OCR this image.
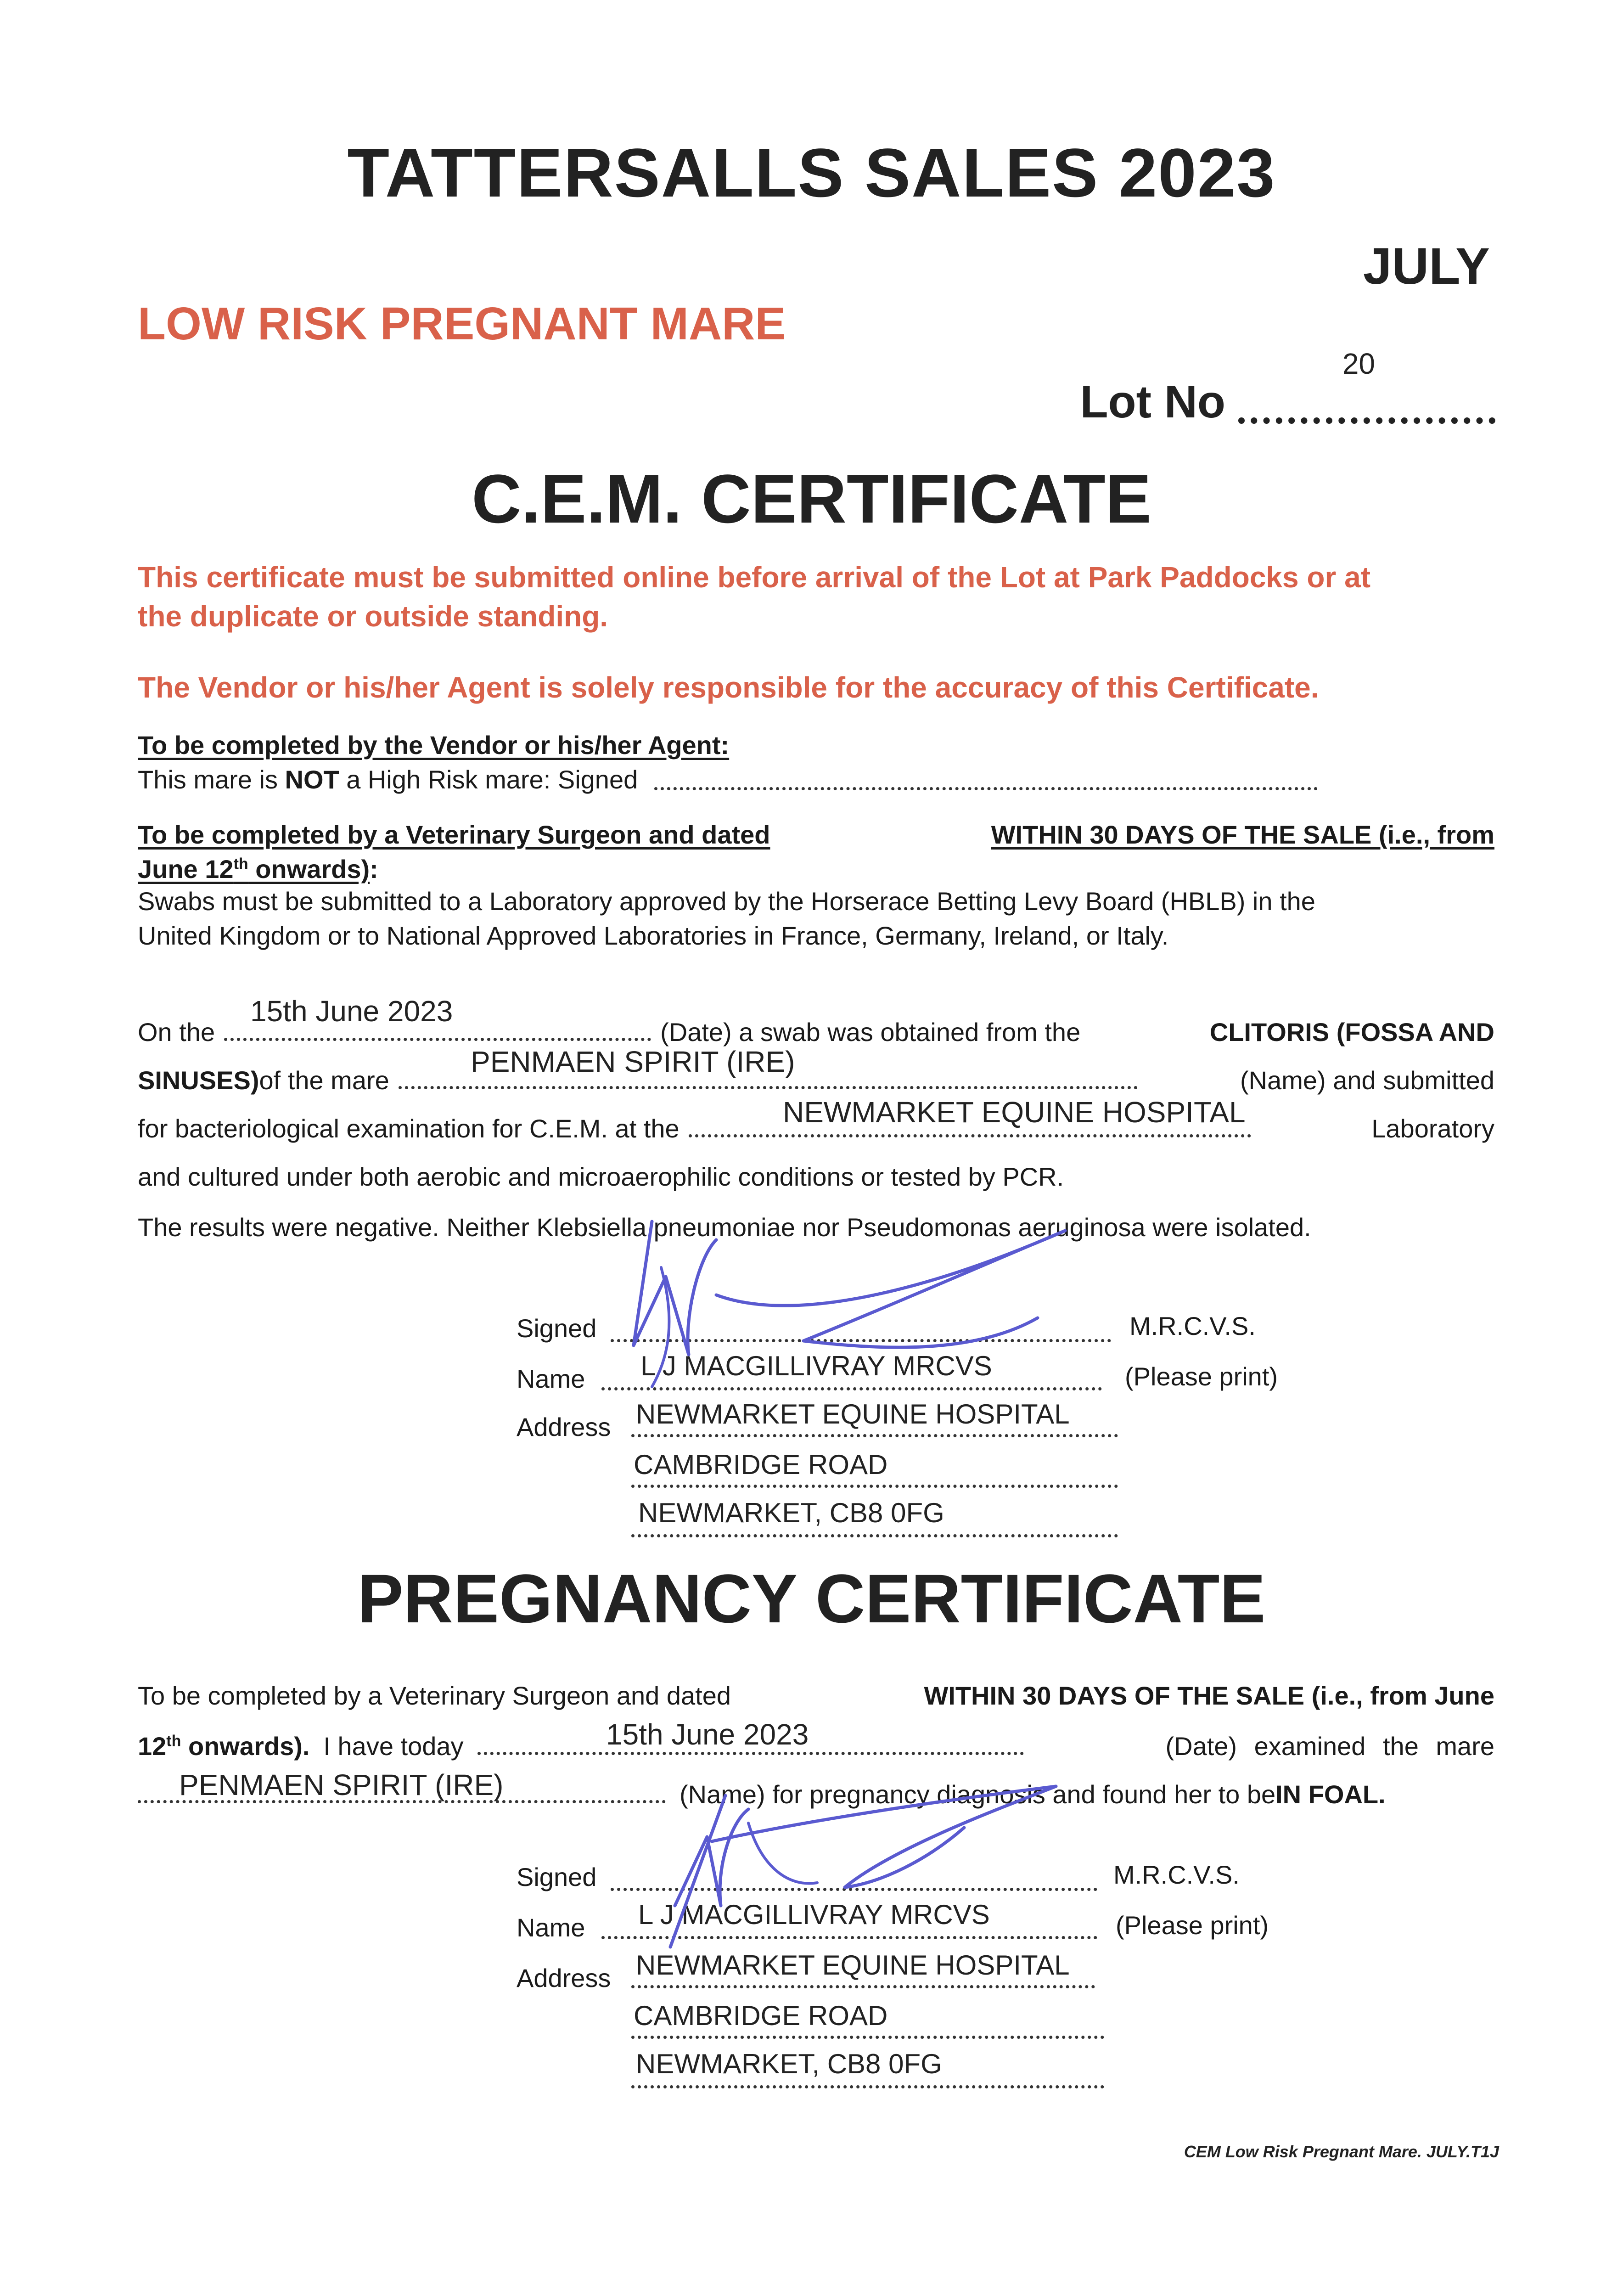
TATTERSALLS SALES 2023
JULY
LOW RISK PREGNANT MARE
20
Lot No
C.E.M. CERTIFICATE
This certificate must be submitted online before arrival of the Lot at Park Paddocks or at
the duplicate or outside standing.
The Vendor or his/her Agent is solely responsible for the accuracy of this Certificate.
To be completed by the Vendor or his/her Agent:
This mare is NOT a High Risk mare: Signed
To be completed by a Veterinary Surgeon and dated	WITHIN 30 DAYS OF THE SALE (i.e., from
June 12th onwards):
Swabs must be submitted to a Laboratory approved by the Horserace Betting Levy Board (HBLB) in the
United Kingdom or to National Approved Laboratories in France, Germany, Ireland, or Italy.
15th June 2023
On the	(Date) a swab was obtained from the	CLITORIS (FOSSA AND
PENMAEN SPIRIT (IRE)
SINUSES) of the mare	(Name) and submitted
NEWMARKET EQUINE HOSPITAL
for bacteriological examination for C.E.M. at the	Laboratory
and cultured under both aerobic and microaerophilic conditions or tested by PCR.
The results were negative. Neither Klebsiella pneumoniae nor Pseudomonas aeruginosa were isolated.
Signed	M.R.C.V.S.
Name L J MACGILLIVRAY MRCVS	(Please print)
Address NEWMARKET EQUINE HOSPITAL
CAMBRIDGE ROAD
NEWMARKET, CB8 0FG
PREGNANCY CERTIFICATE
To be completed by a Veterinary Surgeon and dated	WITHIN 30 DAYS OF THE SALE (i.e., from June
15th June 2023
12th onwards). I have today	(Date) examined the mare
PENMAEN SPIRIT (IRE)	(Name) for pregnancy diagnosis and found her to be IN FOAL.
Signed	M.R.C.V.S.
Name L J MACGILLIVRAY MRCVS	(Please print)
Address NEWMARKET EQUINE HOSPITAL
CAMBRIDGE ROAD
NEWMARKET, CB8 0FG
CEM Low Risk Pregnant Mare. JULY.T1J
